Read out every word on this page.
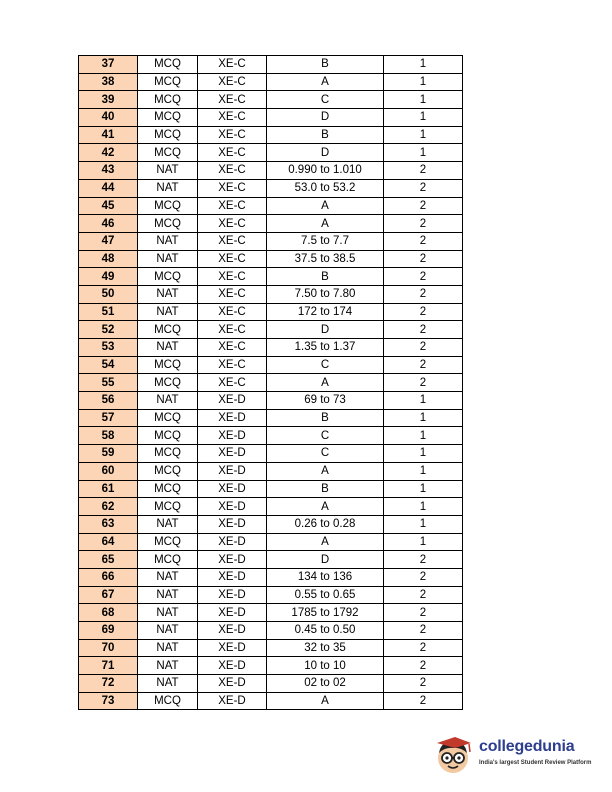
37	MCQ	XE-C	B	1
38	MCQ	XE-C	A	1
39	MCQ	XE-C	C	1
40	MCQ	XE-C	D	1
41	MCQ	XE-C	B	1
42	MCQ	XE-C	D	1
43	NAT	XE-C	0.990 to 1.010	2
44	NAT	XE-C	53.0 to 53.2	2
45	MCQ	XE-C	A	2
46	MCQ	XE-C	A	2
47	NAT	XE-C	7.5 to 7.7	2
48	NAT	XE-C	37.5 to 38.5	2
49	MCQ	XE-C	B	2
50	NAT	XE-C	7.50 to 7.80	2
51	NAT	XE-C	172 to 174	2
52	MCQ	XE-C	D	2
53	NAT	XE-C	1.35 to 1.37	2
54	MCQ	XE-C	C	2
55	MCQ	XE-C	A	2
56	NAT	XE-D	69 to 73	1
57	MCQ	XE-D	B	1
58	MCQ	XE-D	C	1
59	MCQ	XE-D	C	1
60	MCQ	XE-D	A	1
61	MCQ	XE-D	B	1
62	MCQ	XE-D	A	1
63	NAT	XE-D	0.26 to 0.28	1
64	MCQ	XE-D	A	1
65	MCQ	XE-D	D	2
66	NAT	XE-D	134 to 136	2
67	NAT	XE-D	0.55 to 0.65	2
68	NAT	XE-D	1785 to 1792	2
69	NAT	XE-D	0.45 to 0.50	2
70	NAT	XE-D	32 to 35	2
71	NAT	XE-D	10 to 10	2
72	NAT	XE-D	02 to 02	2
73	MCQ	XE-D	A	2
collegedunia
India's largest Student Review Platform
